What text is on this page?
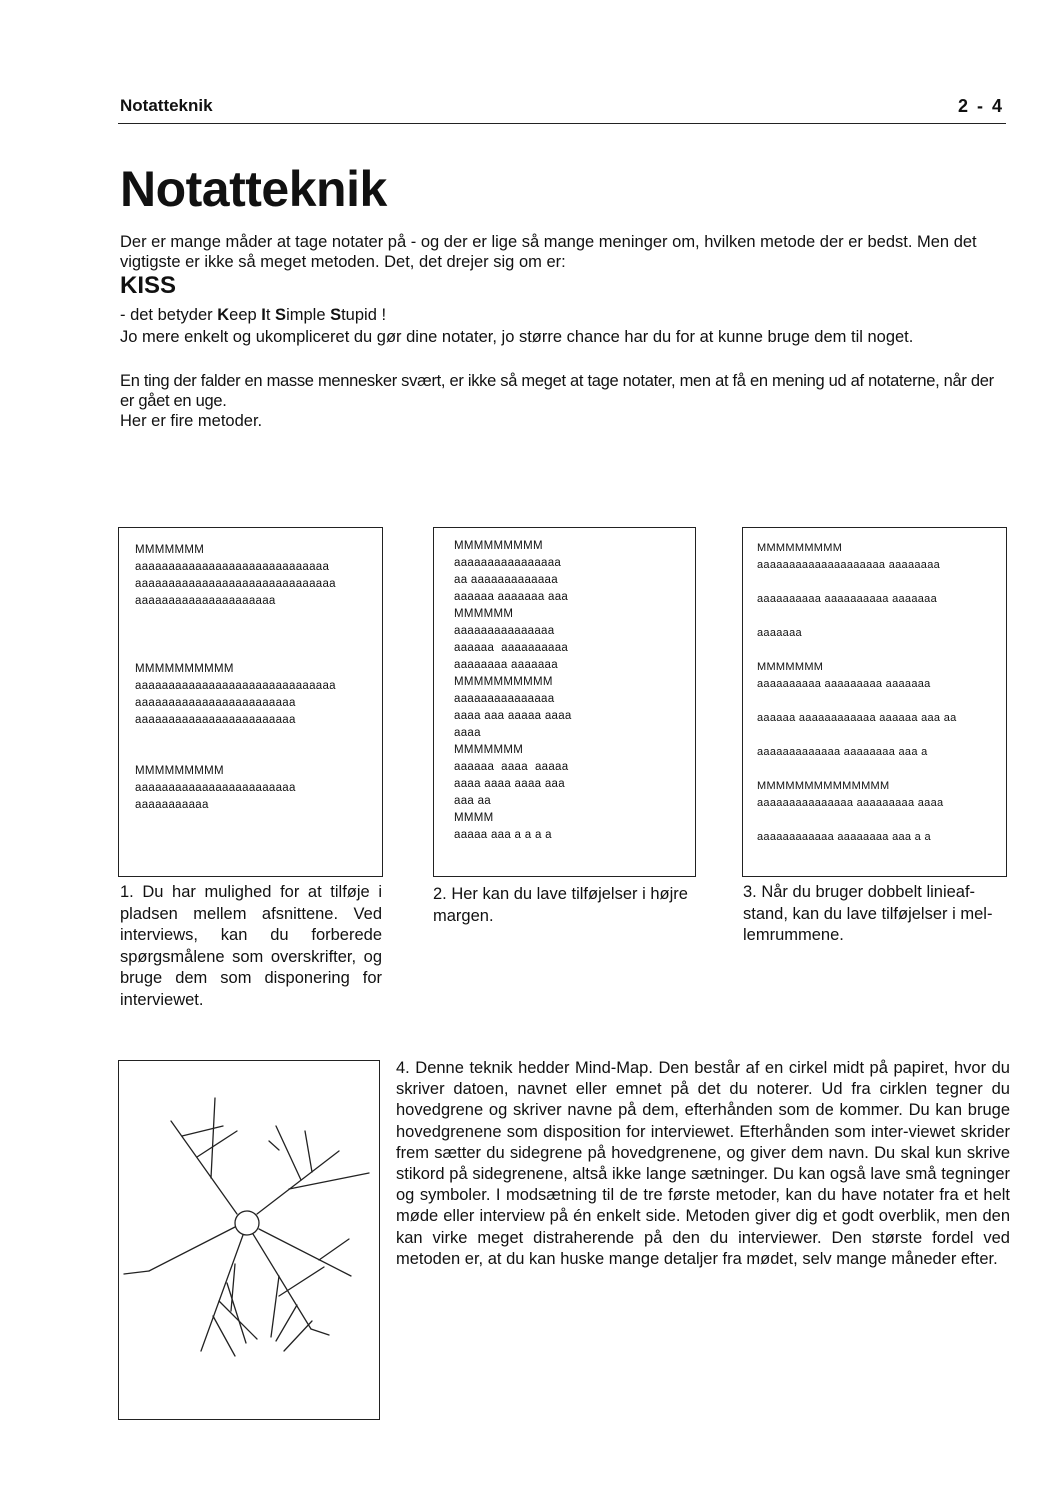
Notatteknik	2 - 4
Notatteknik
Der er mange måder at tage notater på - og der er lige så mange meninger om, hvilken metode der er bedst. Men det vigtigste er ikke så meget metoden. Det, det drejer sig om er:
KISS
- det betyder Keep It Simple Stupid !
Jo mere enkelt og ukompliceret du gør dine notater, jo større chance har du for at kunne bruge dem til noget.
En ting der falder en masse mennesker svært, er ikke så meget at tage notater, men at få en mening ud af notaterne, når der er gået en uge.
Her er fire metoder.
MMMMMMM
aaaaaaaaaaaaaaaaaaaaaaaaaaaaa
aaaaaaaaaaaaaaaaaaaaaaaaaaaaaa
aaaaaaaaaaaaaaaaaaaaa

MMMMMMMMMM
aaaaaaaaaaaaaaaaaaaaaaaaaaaaaa
aaaaaaaaaaaaaaaaaaaaaaaa
aaaaaaaaaaaaaaaaaaaaaaaa

MMMMMMMMM
aaaaaaaaaaaaaaaaaaaaaaaa
aaaaaaaaaaa
MMMMMMMMM
aaaaaaaaaaaaaaaa
aa aaaaaaaaaaaaa
aaaaaa aaaaaaa aaa
MMMMMM
aaaaaaaaaaaaaaa
aaaaaa  aaaaaaaaaa
aaaaaaaa aaaaaaa
MMMMMMMMMM
aaaaaaaaaaaaaaa
aaaa aaa aaaaa aaaa
aaaa
MMMMMMM
aaaaaa  aaaa  aaaaa
aaaa aaaa aaaa aaa
aaa aa
MMMM
aaaaa aaa a a a a
MMMMMMMMM
aaaaaaaaaaaaaaaaaaaa aaaaaaaa

aaaaaaaaaa aaaaaaaaaa aaaaaaa

aaaaaaa

MMMMMMM
aaaaaaaaaa aaaaaaaaa aaaaaaa

aaaaaa aaaaaaaaaaaa aaaaaa aaa aa

aaaaaaaaaaaaa aaaaaaaa aaa a

MMMMMMMMMMMMMM
aaaaaaaaaaaaaaa aaaaaaaaa aaaa

aaaaaaaaaaaa aaaaaaaa aaa a a
1. Du har mulighed for at tilføje i pladsen mellem afsnittene. Ved interviews, kan du forberede spørgsmålene som overskrifter, og bruge dem som disponering for interviewet.
2. Her kan du lave tilføjelser i højre margen.
3. Når du bruger dobbelt linieaf-stand, kan du lave tilføjelser i mel-lemrummene.
4. Denne teknik hedder Mind-Map. Den består af en cirkel midt på papiret, hvor du skriver datoen, navnet eller emnet på det du noterer. Ud fra cirklen tegner du hovedgrene og skriver navne på dem, efterhånden som de kommer. Du kan bruge hovedgrenene som disposition for interviewet. Efterhånden som inter-viewet skrider frem sætter du sidegrene på hovedgrenene, og giver dem navn. Du skal kun skrive stikord på sidegrenene, altså ikke lange sætninger. Du kan også lave små tegninger og symboler. I modsætning til de tre første metoder, kan du have notater fra et helt møde eller interview på én enkelt side. Metoden giver dig et godt overblik, men den kan virke meget distraherende på den du interviewer. Den største fordel ved metoden er, at du kan huske mange detaljer fra mødet, selv mange måneder efter.
